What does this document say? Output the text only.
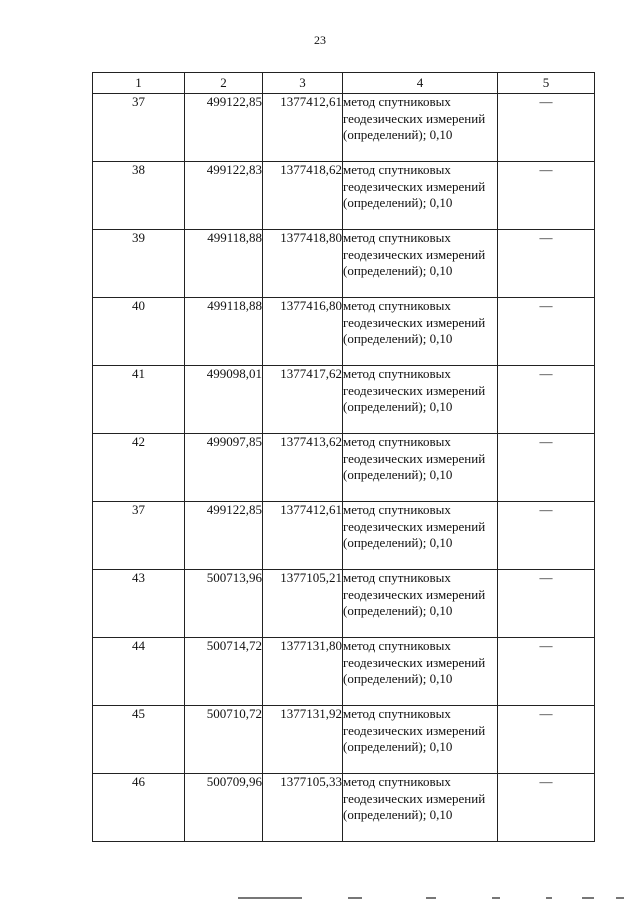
23
1	2	3	4	5
37	499122,85	1377412,61	метод спутниковых геодезических измерений (определений); 0,10	—
38	499122,83	1377418,62	метод спутниковых геодезических измерений (определений); 0,10	—
39	499118,88	1377418,80	метод спутниковых геодезических измерений (определений); 0,10	—
40	499118,88	1377416,80	метод спутниковых геодезических измерений (определений); 0,10	—
41	499098,01	1377417,62	метод спутниковых геодезических измерений (определений); 0,10	—
42	499097,85	1377413,62	метод спутниковых геодезических измерений (определений); 0,10	—
37	499122,85	1377412,61	метод спутниковых геодезических измерений (определений); 0,10	—
43	500713,96	1377105,21	метод спутниковых геодезических измерений (определений); 0,10	—
44	500714,72	1377131,80	метод спутниковых геодезических измерений (определений); 0,10	—
45	500710,72	1377131,92	метод спутниковых геодезических измерений (определений); 0,10	—
46	500709,96	1377105,33	метод спутниковых геодезических измерений (определений); 0,10	—
